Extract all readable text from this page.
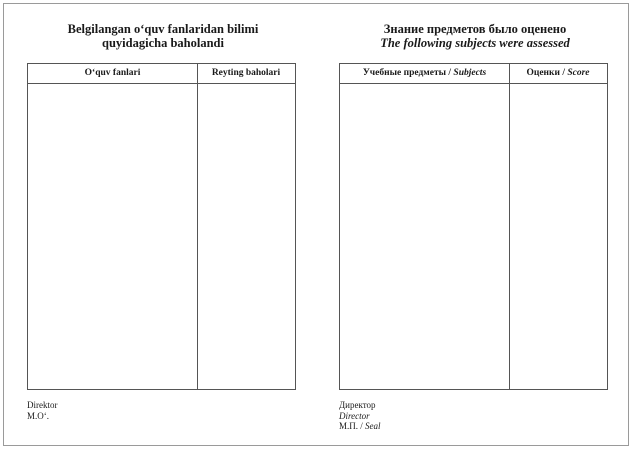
Belgilangan o‘quv fanlaridan bilimi
quyidagicha baholandi
O‘quv fanlari	Reyting baholari
Direktor
M.O‘.
Знание предметов было оценено
The following subjects were assessed
Учебные предметы / Subjects	Оценки / Score
Директор
Director
М.П. / Seal
